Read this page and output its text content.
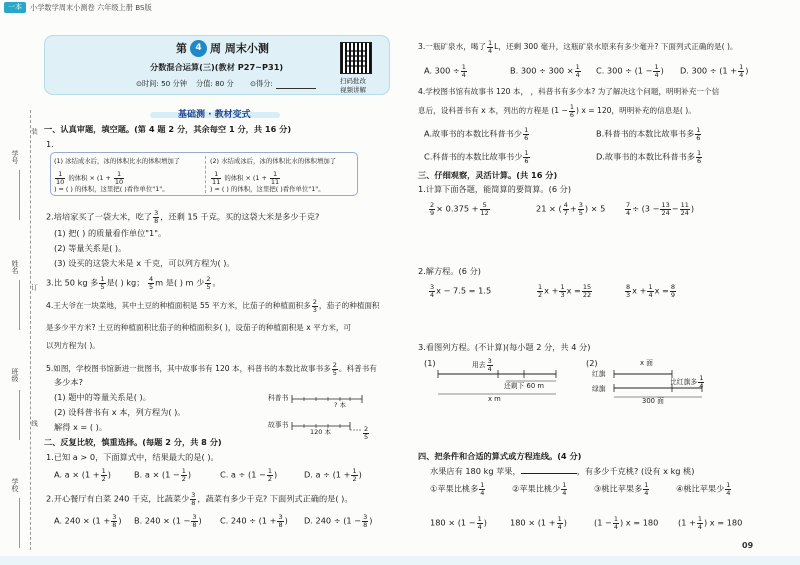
一本	小学数学周末小测卷 六年级上册 BS版
第 4 周 周末小测
分数混合运算(三)(教材 P27~P31)
⊙时间: 50 分钟 分值: 80 分 ⊙得分:	扫码批改
视频讲解
基础测 · 教材变式
学号
姓名
班级
学校
装
订
线
一、认真审题，填空题。(第 4 题 2 分，其余每空 1 分，共 16 分)
1.
(1) 冰结成水后，冰的体积比水的体积增加了
$\frac{1}{10}$ 的体积 × ($1 + \frac{1}{10}$
) = ( ) 的体积，这里把( )看作单位"1"。
(2) 水结成冰后，冰的体积比水的体积增加了
$\frac{1}{11}$ 的体积 × ($1 + \frac{1}{11}$
) = ( ) 的体积，这里把( )看作单位"1"。
2.培培家买了一袋大米，吃了 $\frac{3}{8}$ ，还剩 15 千克。买的这袋大米是多少千克?
(1) 把( ) 的质量看作单位"1"。
(2) 等量关系是( )。
(3) 设买的这袋大米是 x 千克，可以列方程为( )。
3.比 50 kg 多 $\frac{1}{5}$ 是( ) kg； $\frac{4}{5}$ m 是( ) m 少 $\frac{2}{5}$ 。
4.王大爷在一块菜地，其中土豆的种植面积是 55 平方米，比茄子的种植面积多 $\frac{2}{3}$ ，茄子的种植面积
是多少平方米? 土豆的种植面积比茄子的种植面积多( )，设茄子的种植面积是 x 平方米，可
以列方程为( )。
5.如图，学校图书馆新进一批图书，其中故事书有 120 本，科普书的本数比故事书多 $\frac{2}{5}$ 。科普书有
多少本?
(1) 题中的等量关系是( )。
(2) 设科普书有 x 本，列方程为( )。
解得 x = ( )。
科普书
? 本
故事书
120 本	$\frac{2}{5}$
二、反复比较，慎重选择。(每题 2 分，共 8 分)
1.已知 a > 0，下面算式中，结果最大的是( )。
A. $a \times (1 + \frac{1}{2}$ )	B. $a \times (1 - \frac{1}{2}$ )	C. $a \div (1 - \frac{1}{2}$ )	D. $a \div (1 + \frac{1}{2}$ )
2.开心餐厅有白菜 240 千克，比蔬菜少 $\frac{3}{8}$ ，蔬菜有多少千克? 下面列式正确的是( )。
A. $240 \times (1 + \frac{3}{8}$ ) B. $240 \times (1 - \frac{3}{8}$ ) C. $240 \div (1 + \frac{3}{8}$ ) D. $240 \div (1 - \frac{3}{8}$ )
3.一瓶矿泉水，喝了 $\frac{1}{4}$ L，还剩 300 毫升，这瓶矿泉水原来有多少毫升? 下面列式正确的是( )。
A. $300 \div \frac{1}{4}$	B. $300 \div 300 \times \frac{1}{4} C$. $300 \div (1 - \frac{1}{4}$ ) D. $300 \div (1 + \frac{1}{4}$ )
4.学校图书馆有故事书 120 本， ，科普书有多少本? 为了解决这个问题，明明补充一个信
息后，设科普书有 x 本，列出的方程是 ($1 - \frac{1}{6}$ ) x = 120，明明补充的信息是( )。
A.故事书的本数比科普书少 $\frac{1}{6}$	B.科普书的本数比故事书多 $\frac{1}{6}$
C.科普书的本数比故事书少 $\frac{1}{6}$	D.故事书的本数比科普书多 $\frac{1}{6}$
三、仔细观察，灵活计算。(共 16 分)
1.计算下面各题，能简算的要简算。(6 分)
$\frac{2}{9} \times 0.375 + \frac{5}{12}$	21 × ( $\frac{4}{7} + \frac{3}{5}$ ) × 5	$\frac{7}{4} \div (3 - \frac{13}{24} - \frac{11}{24}$ )
2.解方程。(6 分)
$\frac{3}{4}$ x − 7.5 = 1.5	$\frac{1}{2}$ $x + \frac{1}{3}$ $x = \frac{15}{22}$	$\frac{8}{3}$ $x + \frac{1}{4}$ $x = \frac{8}{9}$
3.看图列方程。(不计算)(每小题 2 分，共 4 分)
(1)	用去 $\frac{3}{4}$
还剩下 60 m
x m
(2)	x 面
红旗
绿旗
比红旗多 $\frac{1}{4}$
300 面
四、把条件和合适的算式或方程连线。(4 分)
水果店有 180 kg 苹果，	，有多少千克桃? (设有 x kg 桃)
①苹果比桃多 $\frac{1}{4}$	②苹果比桃少 $\frac{1}{4}$	③桃比苹果多 $\frac{1}{4}$	④桃比苹果少 $\frac{1}{4}$
$180 \times (1 - \frac{1}{4}$ )	$180 \times (1 + \frac{1}{4}$ )	($1 - \frac{1}{4}$ ) x = 180 ($1 + \frac{1}{4}$ ) x = 180
09
